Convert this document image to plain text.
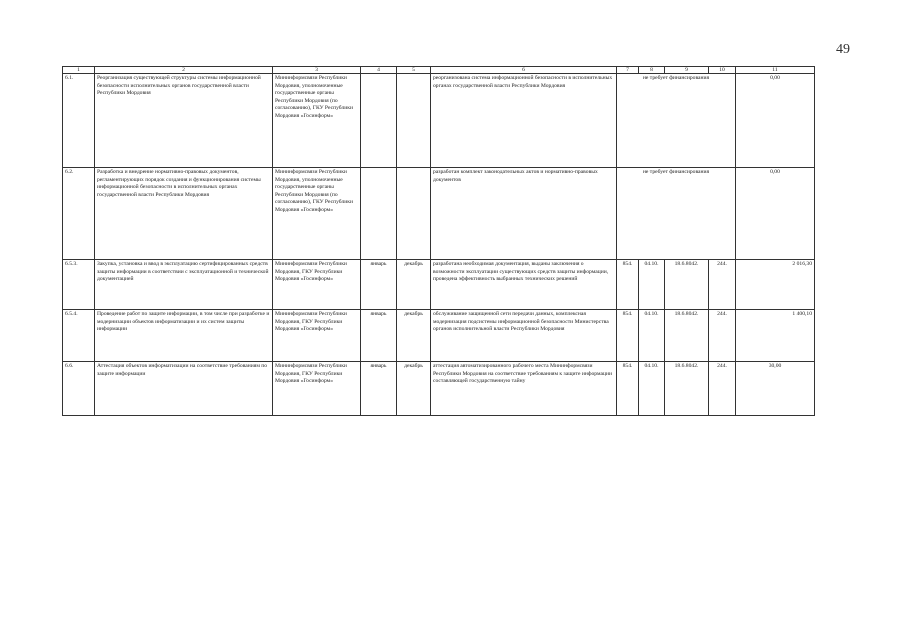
49
1	2	3	4	5	6	7	8	9	10	11
6.1.	Реорганизация существующей структуры системы информационной безопасности исполнительных органов государственной власти Республики Мордовия	Мининформсвязи Республики Мордовия, уполномоченные государственные органы Республики Мордовия (по согласованию), ГКУ Республики Мордовия «Госинформ»			реорганизована система информационной безопасности в исполнительных органах государственной власти Республики Мордовия	не требует финансирования				0,00
6.2.	Разработка и внедрение нормативно-правовых документов, регламентирующих порядок создания и функционирования системы информационной безопасности в исполнительных органах государственной власти Республики Мордовия	Мининформсвязи Республики Мордовия, уполномоченные государственные органы Республики Мордовия (по согласованию), ГКУ Республики Мордовия «Госинформ»			разработан комплект законодательных актов и нормативно-правовых документов	не требует финансирования				0,00
6.5.3.	Закупка, установка и ввод в эксплуатацию сертифицированных средств защиты информации в соответствии с эксплуатационной и технической документацией	Мининформсвязи Республики Мордовия, ГКУ Республики Мордовия «Госинформ»	январь	декабрь	разработана необходимая документация, выданы заключения о возможности эксплуатации существующих средств защиты информации, проведена эффективность выбранных технических решений	854.	04.10.	18.6.8042.	244.	2 016,30
6.5.4.	Проведение работ по защите информации, в том числе при разработке и модернизации объектов информатизации и их систем защиты информации	Мининформсвязи Республики Мордовия, ГКУ Республики Мордовия «Госинформ»	январь	декабрь	обслуживание защищенной сети передачи данных, комплексная модернизация подсистемы информационной безопасности Министерства органов исполнительной власти Республики Мордовия	854.	04.10.	18.6.8042.	244.	1 400,10
6.6.	Аттестация объектов информатизации на соответствие требованиям по защите информации	Мининформсвязи Республики Мордовия, ГКУ Республики Мордовия «Госинформ»	январь	декабрь	аттестация автоматизированного рабочего места Мининформсвязи Республики Мордовия на соответствие требованиям к защите информации составляющей государственную тайну	854.	04.10.	18.6.8042.	244.	30,00
